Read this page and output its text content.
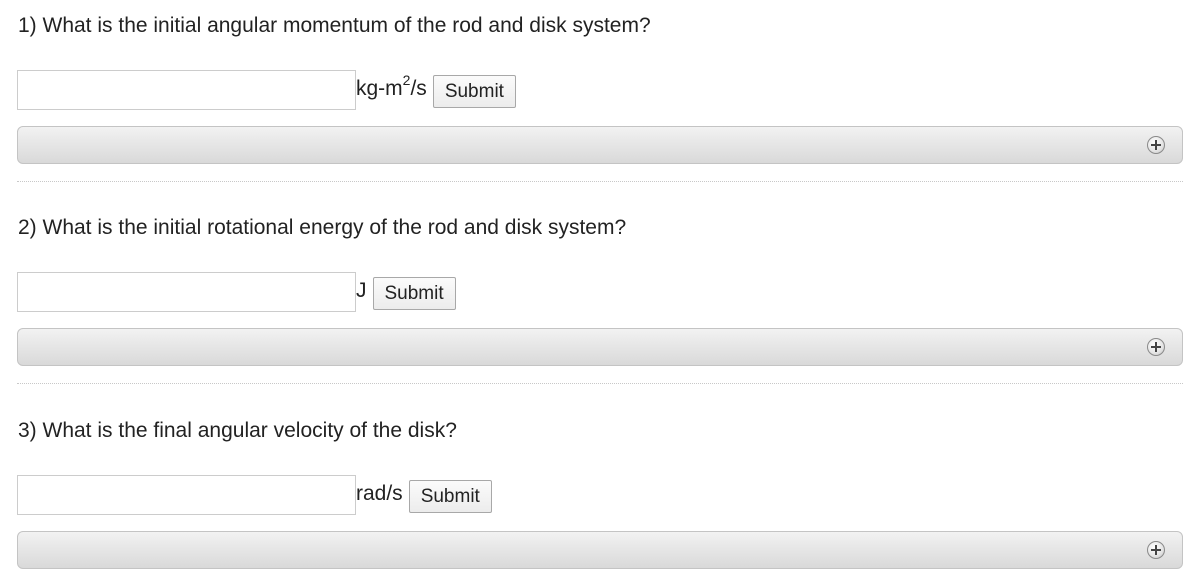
1) What is the initial angular momentum of the rod and disk system?
$kg-m^2/s$ Submit
2) What is the initial rotational energy of the rod and disk system?
J Submit
3) What is the final angular velocity of the disk?
rad/s Submit
